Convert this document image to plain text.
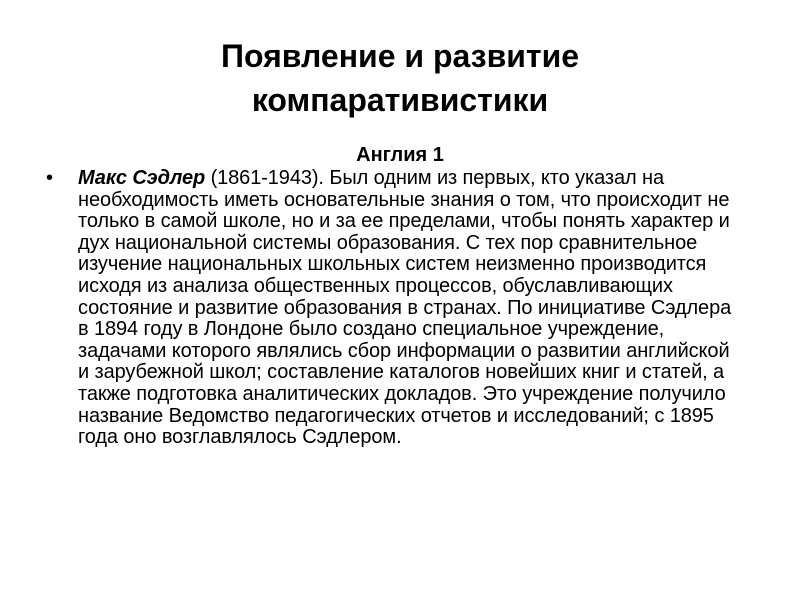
Появление и развитие
компаративистики
Англия 1
•	Макс Сэдлер (1861-1943). Был одним из первых, кто указал на необходимость иметь основательные знания о том, что происходит не только в самой школе, но и за ее пределами, чтобы понять характер и дух национальной системы образования. С тех пор сравнительное изучение национальных школьных систем неизменно производится исходя из анализа общественных процессов, обуславливающих состояние и развитие образования в странах. По инициативе Сэдлера в 1894 году в Лондоне было создано специальное учреждение, задачами которого являлись сбор информации о развитии английской и зарубежной школ; составление каталогов новейших книг и статей, а также подготовка аналитических докладов. Это учреждение получило название Ведомство педагогических отчетов и исследований; с 1895 года оно возглавлялось Сэдлером.
